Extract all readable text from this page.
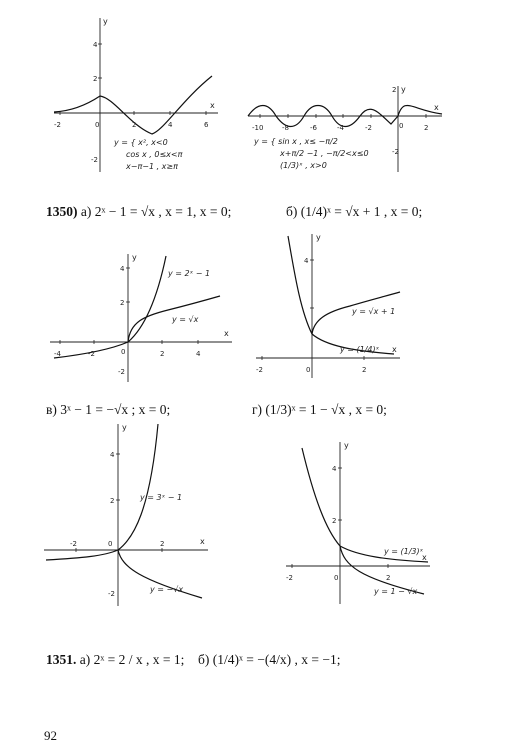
-2	0	2	4	6
4
2
-2
x
y
y = { x², x<0
cos x , 0≤x<π
x−π−1 , x≥π
-10	-8	-6	-4	-2	0	2
2
-2
x
y
y = { sin x , x≤ −π/2
x+π/2 −1 , −π/2<x≤0
(1/3)ˣ , x>0
1350) а) 2ˣ − 1 = √x , x = 1, x = 0;	б) (1/4)ˣ = √x + 1 , x = 0;
-4	-2	0	2	4
4
2
-2
x
y
y = 2ˣ − 1
y = √x
-2	0	2
4
x
y
y = √x + 1
y = (1/4)ˣ
в) 3ˣ − 1 = −√x ; x = 0;	г) (1/3)ˣ = 1 − √x , x = 0;
-2	0	2
4
2
-2
x
y
y = 3ˣ − 1
y = −√x
-2	0	2
4
2
x
y
y = (1/3)ˣ
y = 1 − √x
1351. а) 2ˣ = 2 / x , x = 1; б) (1/4)ˣ = −(4/x) , x = −1;
92
